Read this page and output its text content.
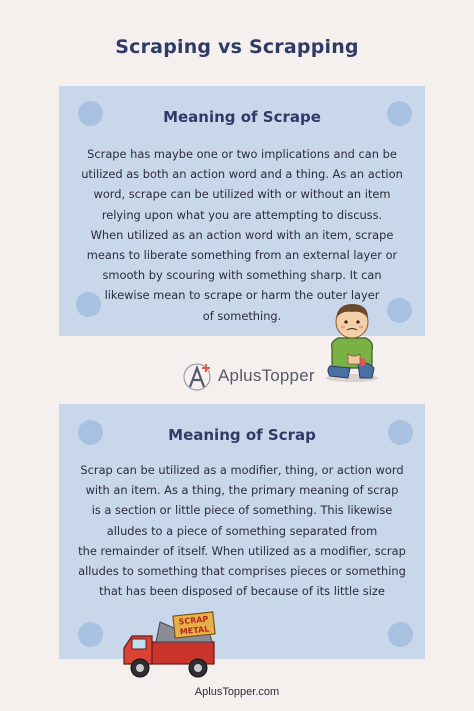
Scraping vs Scrapping
Meaning of Scrape
Scrape has maybe one or two implications and can be
utilized as both an action word and a thing. As an action
word, scrape can be utilized with or without an item
relying upon what you are attempting to discuss.
When utilized as an action word with an item, scrape
means to liberate something from an external layer or
smooth by scouring with something sharp. It can
likewise mean to scrape or harm the outer layer
of something.
AplusTopper
Meaning of Scrap
Scrap can be utilized as a modifier, thing, or action word
with an item. As a thing, the primary meaning of scrap
is a section or little piece of something. This likewise
alludes to a piece of something separated from
the remainder of itself. When utilized as a modifier, scrap
alludes to something that comprises pieces or something
that has been disposed of because of its little size
SCRAP
METAL
AplusTopper.com
